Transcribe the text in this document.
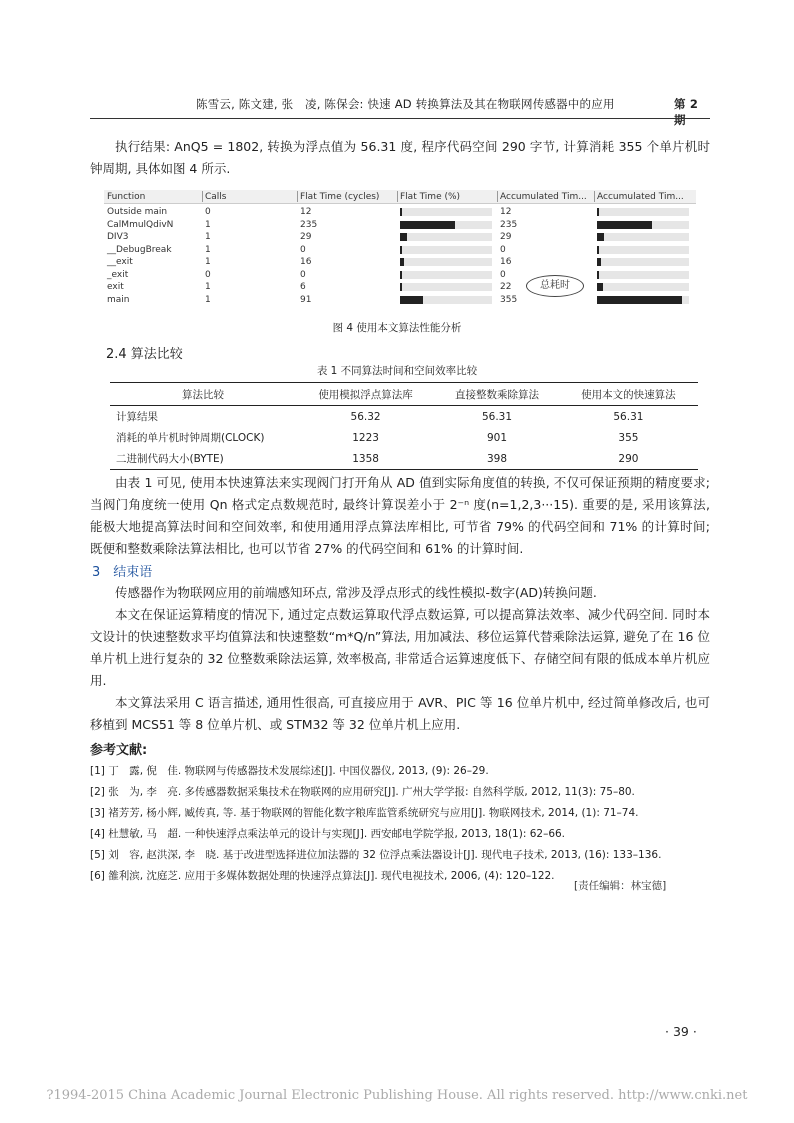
陈雪云, 陈文建, 张　凌, 陈保会: 快速 AD 转换算法及其在物联网传感器中的应用	第 2 期
执行结果: AnQ5 = 1802, 转换为浮点值为 56.31 度, 程序代码空间 290 字节, 计算消耗 355 个单片机时钟周期, 具体如图 4 所示.
Function	Calls	Flat Time (cycles)	Flat Time (%)	Accumulated Tim...	Accumulated Tim...
Outside main	0	12	12
CalMmulQdivN	1	235	235
DIV3	1	29	29
__DebugBreak	1	0	0
__exit	1	16	16
_exit	0	0	0
exit	1	6	22
main	1	91	355
总耗时
图 4 使用本文算法性能分析
2.4 算法比较
表 1 不同算法时间和空间效率比较
算法比较	使用模拟浮点算法库	直接整数乘除算法	使用本文的快速算法
计算结果	56.32	56.31	56.31
消耗的单片机时钟周期(CLOCK)	1223	901	355
二进制代码大小(BYTE)	1358	398	290
由表 1 可见, 使用本快速算法来实现阀门打开角从 AD 值到实际角度值的转换, 不仅可保证预期的精度要求; 当阀门角度统一使用 Qn 格式定点数规范时, 最终计算误差小于 2⁻ⁿ 度(n=1,2,3···15). 重要的是, 采用该算法, 能极大地提高算法时间和空间效率, 和使用通用浮点算法库相比, 可节省 79% 的代码空间和 71% 的计算时间; 既便和整数乘除法算法相比, 也可以节省 27% 的代码空间和 61% 的计算时间.
3　结束语
传感器作为物联网应用的前端感知环点, 常涉及浮点形式的线性模拟-数字(AD)转换问题.
本文在保证运算精度的情况下, 通过定点数运算取代浮点数运算, 可以提高算法效率、减少代码空间. 同时本文设计的快速整数求平均值算法和快速整数“m*Q/n”算法, 用加减法、移位运算代替乘除法运算, 避免了在 16 位单片机上进行复杂的 32 位整数乘除法运算, 效率极高, 非常适合运算速度低下、存储空间有限的低成本单片机应用.
本文算法采用 C 语言描述, 通用性很高, 可直接应用于 AVR、PIC 等 16 位单片机中, 经过简单修改后, 也可移植到 MCS51 等 8 位单片机、或 STM32 等 32 位单片机上应用.
参考文献:
[1] 丁　露, 倪　佳. 物联网与传感器技术发展综述[J]. 中国仪器仪, 2013, (9): 26–29.
[2] 张　为, 李　亮. 多传感器数据采集技术在物联网的应用研究[J]. 广州大学学报: 自然科学版, 2012, 11(3): 75–80.
[3] 褚芳芳, 杨小辉, 臧传真, 等. 基于物联网的智能化数字粮库监管系统研究与应用[J]. 物联网技术, 2014, (1): 71–74.
[4] 杜慧敏, 马　超. 一种快速浮点乘法单元的设计与实现[J]. 西安邮电学院学报, 2013, 18(1): 62–66.
[5] 刘　容, 赵洪深, 李　晓. 基于改进型选择进位加法器的 32 位浮点乘法器设计[J]. 现代电子技术, 2013, (16): 133–136.
[6] 雒利滨, 沈庭芝. 应用于多媒体数据处理的快速浮点算法[J]. 现代电视技术, 2006, (4): 120–122.
[责任编辑：林宝德]
· 39 ·
?1994-2015 China Academic Journal Electronic Publishing House. All rights reserved. http://www.cnki.net
